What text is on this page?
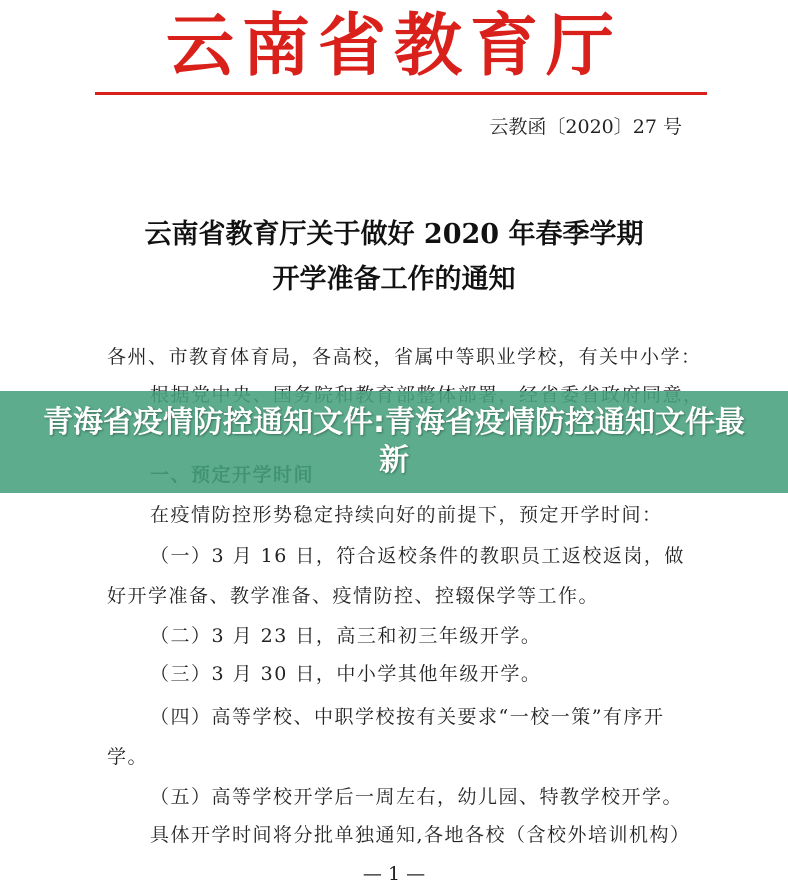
云南省教育厅
云教函〔2020〕27 号
云南省教育厅关于做好 2020 年春季学期
开学准备工作的通知
各州、市教育体育局，各高校，省属中等职业学校，有关中小学：
在疫情防控形势稳定持续向好的前提下，预定开学时间：
（一）3 月 16 日，符合返校条件的教职员工返校返岗，做
好开学准备、教学准备、疫情防控、控辍保学等工作。
（二）3 月 23 日，高三和初三年级开学。
（三）3 月 30 日，中小学其他年级开学。
（四）高等学校、中职学校按有关要求“一校一策”有序开
学。
（五）高等学校开学后一周左右，幼儿园、特教学校开学。
具体开学时间将分批单独通知,各地各校（含校外培训机构）
— 1 —
青海省疫情防控通知文件:青海省疫情防控通知文件最新
